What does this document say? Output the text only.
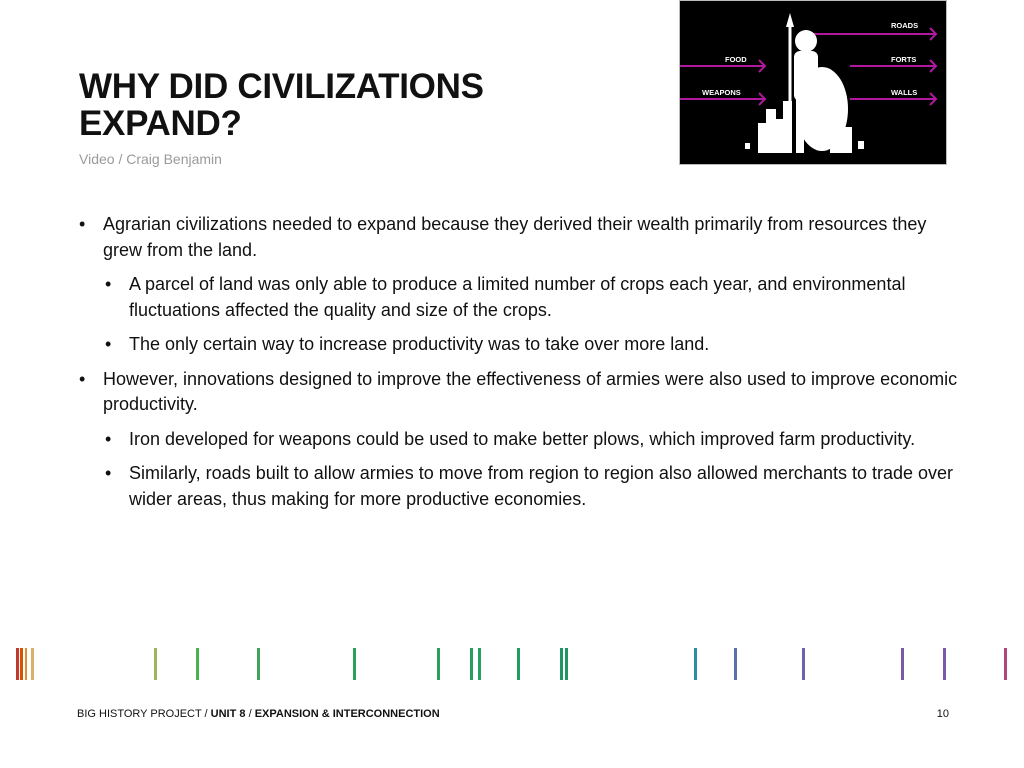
WHY DID CIVILIZATIONS
EXPAND?
Video / Craig Benjamin
ROADS
FOOD	FORTS
WEAPONS	WALLS
• Agrarian civilizations needed to expand because they derived their wealth primarily from resources they grew from the land.
• A parcel of land was only able to produce a limited number of crops each year, and environmental fluctuations affected the quality and size of the crops.
• The only certain way to increase productivity was to take over more land.
• However, innovations designed to improve the effectiveness of armies were also used to improve economic productivity.
• Iron developed for weapons could be used to make better plows, which improved farm productivity.
• Similarly, roads built to allow armies to move from region to region also allowed merchants to trade over wider areas, thus making for more productive economies.
BIG HISTORY PROJECT / UNIT 8 / EXPANSION & INTERCONNECTION	10
